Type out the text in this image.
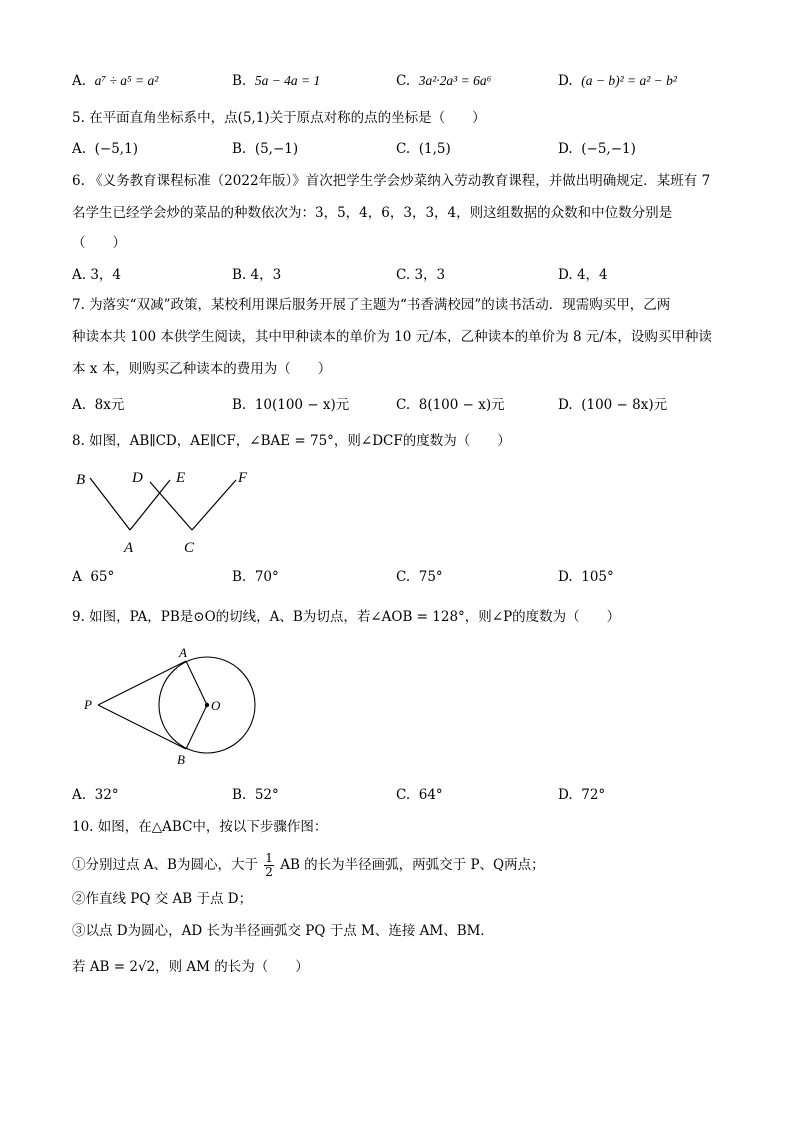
A. a⁷ ÷ a⁵ = a²	B. 5a − 4a = 1	C. 3a²·2a³ = 6a⁶	D. (a − b)² = a² − b²
5. 在平面直角坐标系中，点(5,1)关于原点对称的点的坐标是（　　）
A. (−5,1)	B. (5,−1)	C. (1,5)	D. (−5,−1)
6. 《义务教育课程标准（2022年版）》首次把学生学会炒菜纳入劳动教育课程，并做出明确规定．某班有 7
名学生已经学会炒的菜品的种数依次为：3，5，4，6，3，3，4，则这组数据的众数和中位数分别是
（　　）
A. 3，4	B. 4，3	C. 3，3	D. 4，4
7. 为落实“双减”政策，某校利用课后服务开展了主题为“书香满校园”的读书活动．现需购买甲，乙两
种读本共 100 本供学生阅读，其中甲种读本的单价为 10 元/本，乙种读本的单价为 8 元/本，设购买甲种读
本 x 本，则购买乙种读本的费用为（　　）
A. 8x元	B. 10(100 − x)元	C. 8(100 − x)元	D. (100 − 8x)元
8. 如图，AB∥CD，AE∥CF，∠BAE = 75°，则∠DCF的度数为（　　）
B	D E	F
A	C
A 65°	B. 70°	C. 75°	D. 105°
9. 如图，PA，PB是⊙O的切线，A、B为切点，若∠AOB = 128°，则∠P的度数为（　　）
A
B
P	O
A. 32°	B. 52°	C. 64°	D. 72°
10. 如图，在△ABC中，按以下步骤作图：
①分别过点 A、B为圆心，大于 $\frac{1}{2}$ AB 的长为半径画弧，两弧交于 P、Q两点；
②作直线 PQ 交 AB 于点 D；
③以点 D为圆心，AD 长为半径画弧交 PQ 于点 M、连接 AM、BM．
若 AB = 2√2，则 AM 的长为（　　）
